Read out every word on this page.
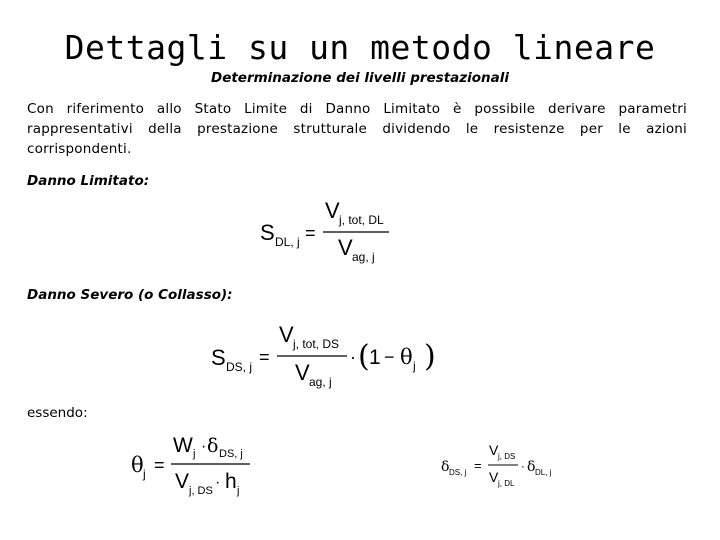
Dettagli su un metodo lineare
Determinazione dei livelli prestazionali
Con riferimento allo Stato Limite di Danno Limitato è possibile derivare parametri rappresentativi della prestazione strutturale dividendo le resistenze per le azioni corrispondenti.
Danno Limitato:
Danno Severo (o Collasso):
essendo:
S DL, j =
V j, tot, DL
V ag, j
S DS, j =
V j, tot, DS
V ag, j
· ( 1 − θ j )
θ j =
W j · δ DS, j
V j, DS · h j
δ DS, j =
V j, DS
V j, DL
· δ DL, j
